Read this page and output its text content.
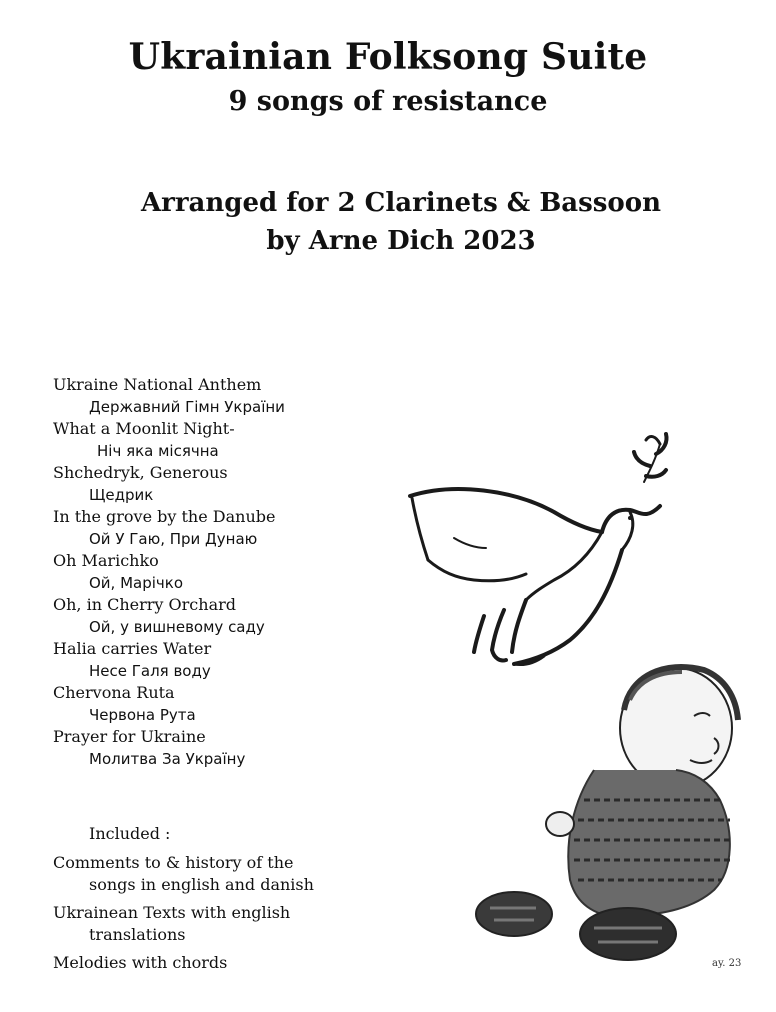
Ukrainian Folksong Suite
9 songs of resistance
Arranged for 2 Clarinets & Bassoon
by Arne Dich 2023
Ukraine National Anthem
Державний Гімн України
What a Moonlit Night-
Ніч яка місячна
Shchedryk, Generous
Щедрик
In the grove by the Danube
Ой У Гаю, При Дунаю
Oh Marichko
Ой, Марічко
Oh, in Cherry Orchard
Ой, у вишневому саду
Halia carries Water
Несе Галя воду
Chervona Ruta
Червона Рута
Prayer for Ukraine
Молитва За Україну
Included :
Comments to & history of the
songs in english and danish
Ukrainean Texts with english
translations
Melodies with chords	ay. 23
